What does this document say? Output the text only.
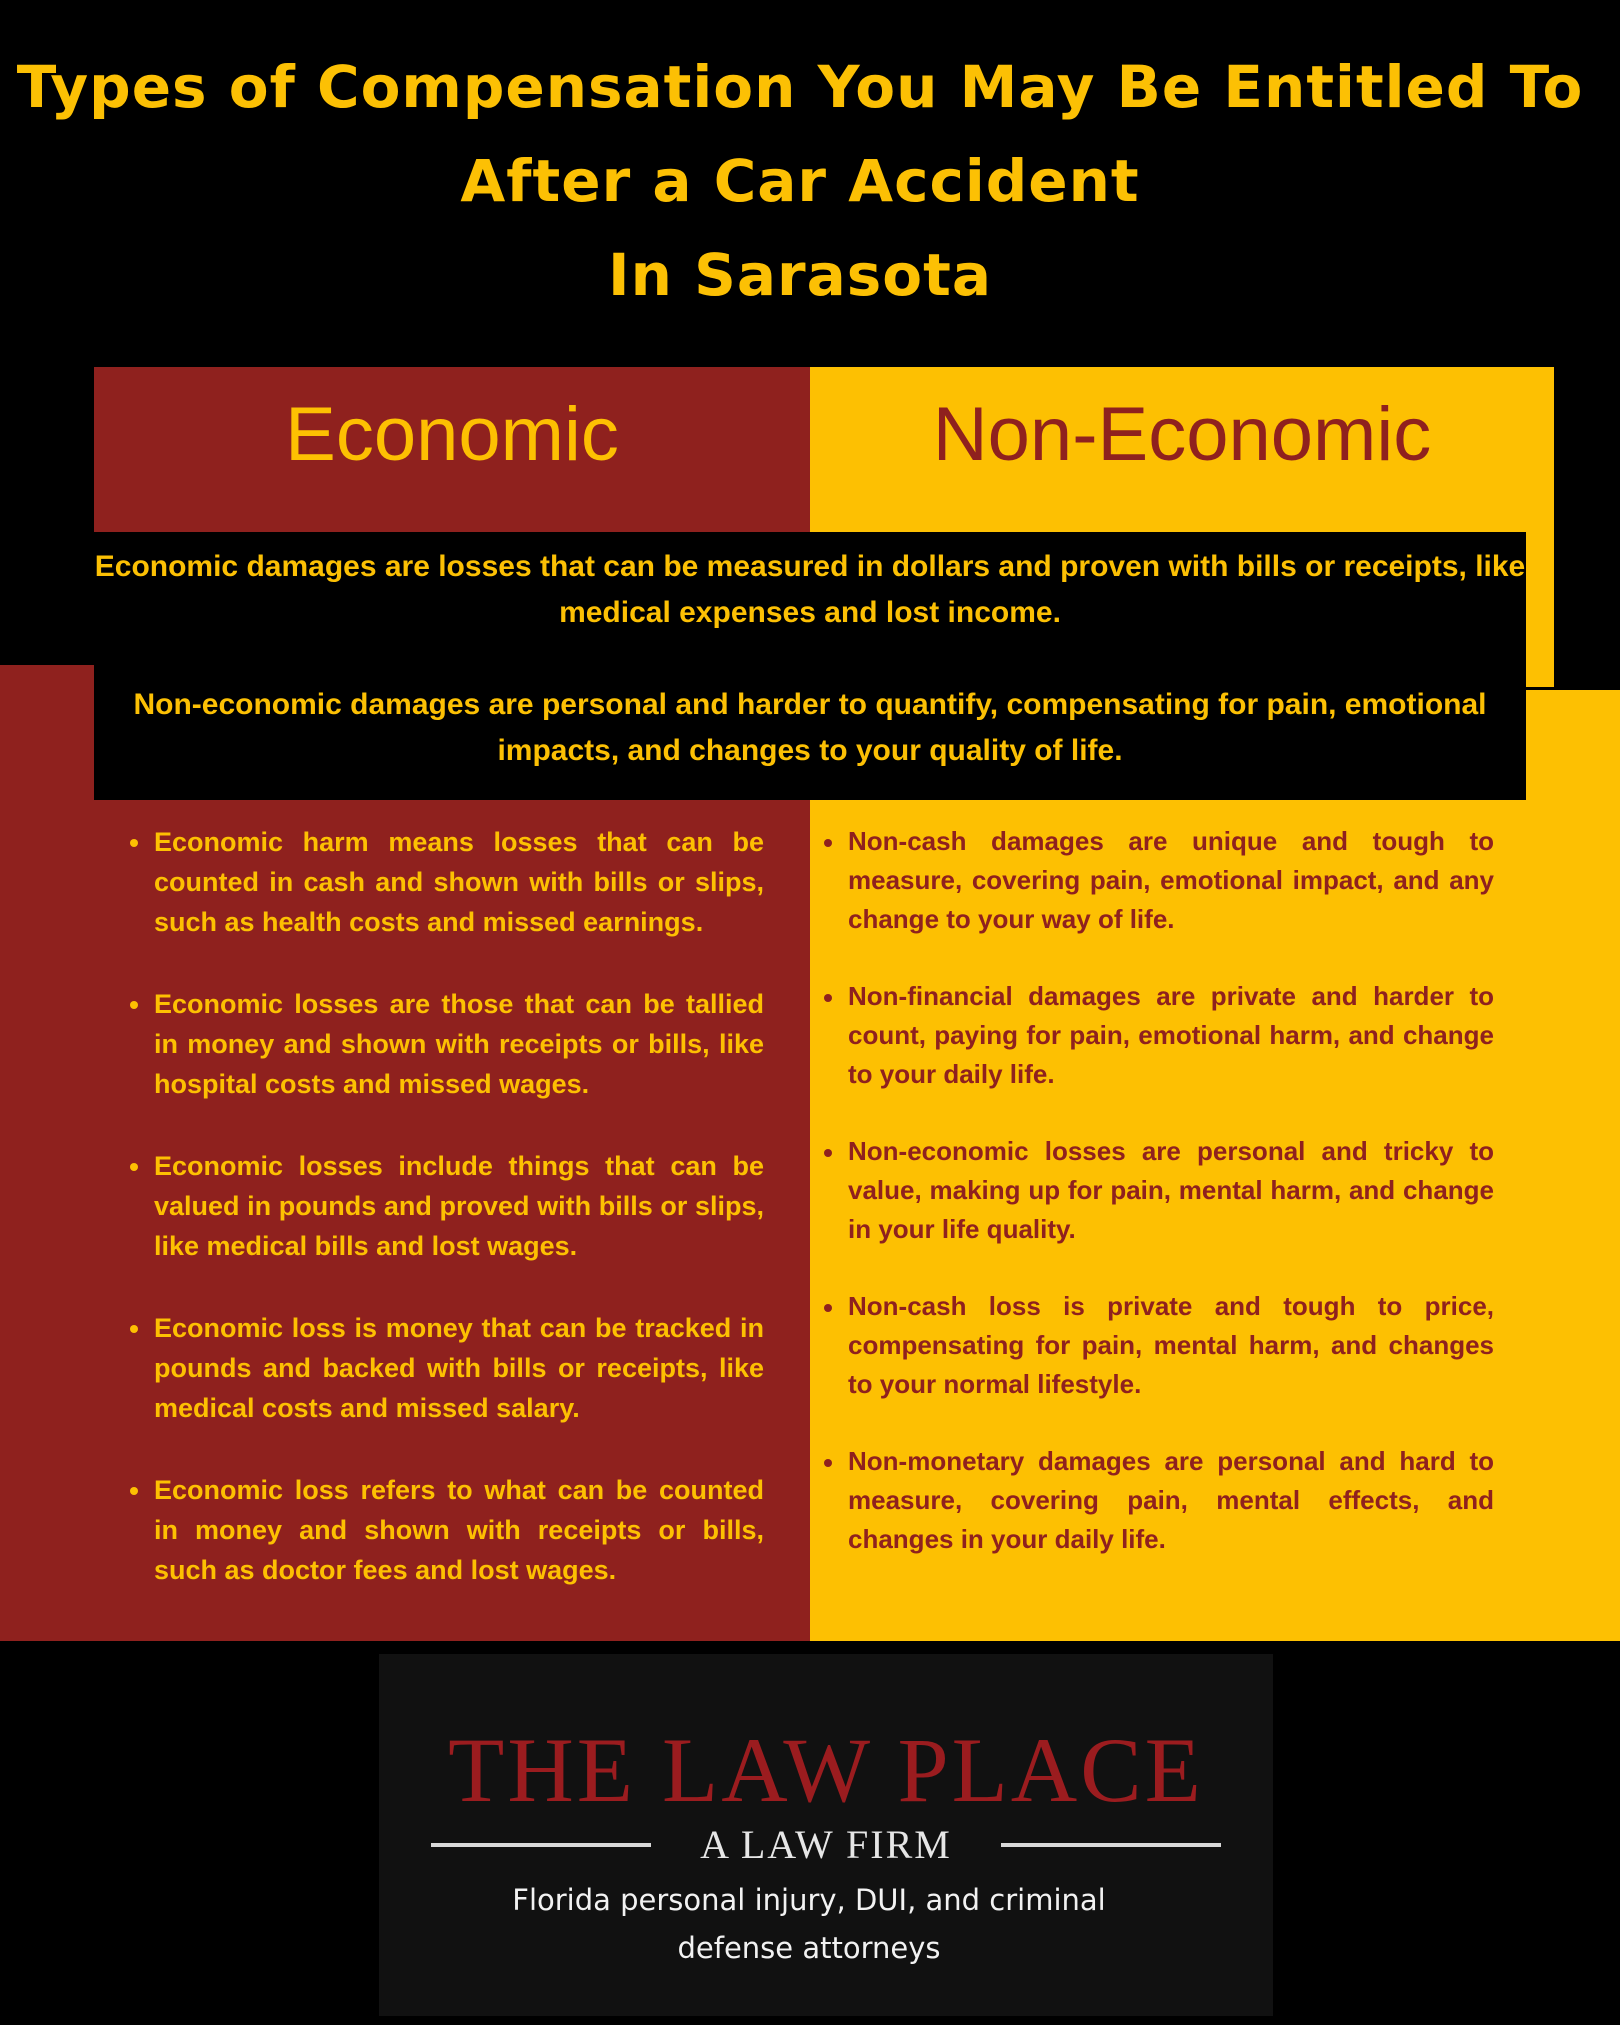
Types of Compensation You May Be Entitled To
After a Car Accident
In Sarasota
Economic	Non-Economic

Economic damages are losses that can be measured in dollars and proven with bills or receipts, like medical expenses and lost income.

Non-economic damages are personal and harder to quantify, compensating for pain, emotional impacts, and changes to your quality of life.

Economic harm means losses that can be counted in cash and shown with bills or slips, such as health costs and missed earnings.
Economic losses are those that can be tallied in money and shown with receipts or bills, like hospital costs and missed wages.
Economic losses include things that can be valued in pounds and proved with bills or slips, like medical bills and lost wages.
Economic loss is money that can be tracked in pounds and backed with bills or receipts, like medical costs and missed salary.
Economic loss refers to what can be counted in money and shown with receipts or bills, such as doctor fees and lost wages.
Non-cash damages are unique and tough to measure, covering pain, emotional impact, and any change to your way of life.
Non-financial damages are private and harder to count, paying for pain, emotional harm, and change to your daily life.
Non-economic losses are personal and tricky to value, making up for pain, mental harm, and change in your life quality.
Non-cash loss is private and tough to price, compensating for pain, mental harm, and changes to your normal lifestyle.
Non-monetary damages are personal and hard to measure, covering pain, mental effects, and changes in your daily life.
THE LAW PLACE
A LAW FIRM
Florida personal injury, DUI, and criminal
defense attorneys
